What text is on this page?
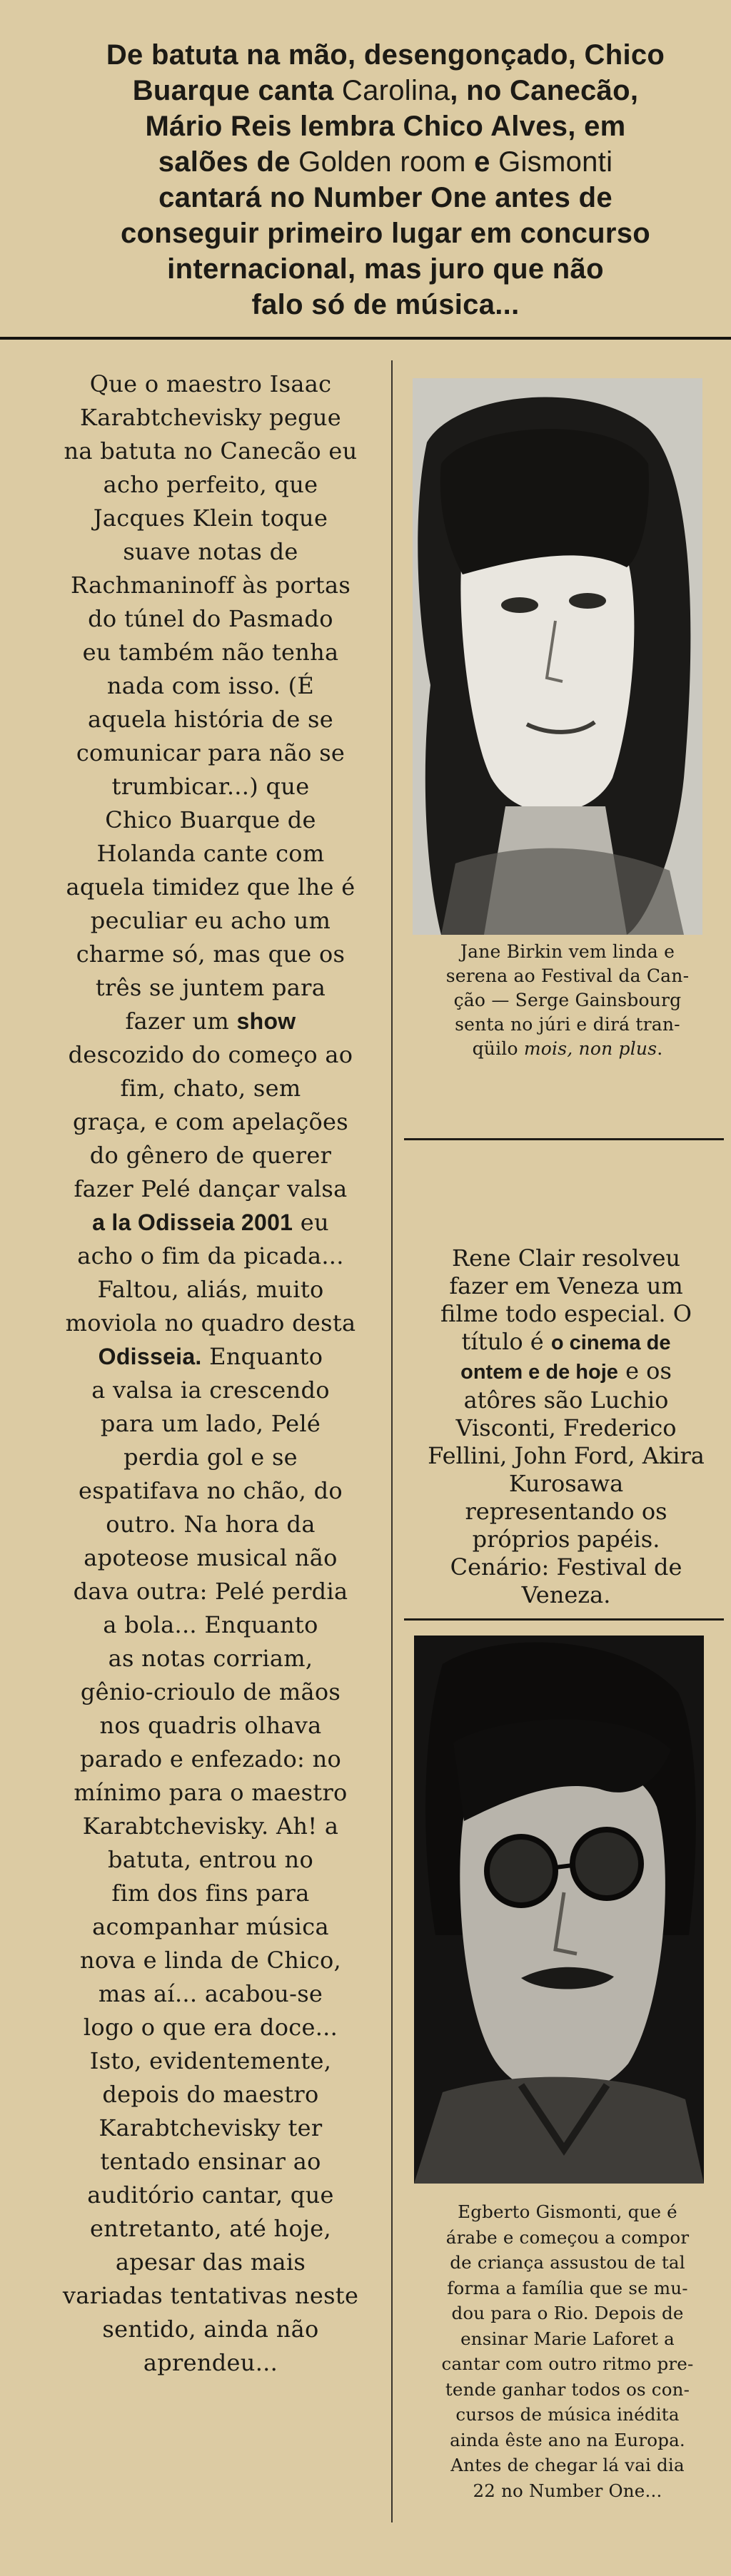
De batuta na mão, desengonçado, Chico

Buarque canta Carolina, no Canecão,

Mário Reis lembra Chico Alves, em

salões de Golden room e Gismonti

cantará no Number One antes de

conseguir primeiro lugar em concurso

internacional, mas juro que não

falo só de música...

Que o maestro Isaac

Karabtchevisky pegue

na batuta no Canecão eu

acho perfeito, que

Jacques Klein toque

suave notas de

Rachmaninoff às portas

do túnel do Pasmado

eu também não tenha

nada com isso. (É

aquela história de se

comunicar para não se

trumbicar...) que

Chico Buarque de

Holanda cante com

aquela timidez que lhe é

peculiar eu acho um

charme só, mas que os

três se juntem para

fazer um show

descozido do começo ao

fim, chato, sem

graça, e com apelações

do gênero de querer

fazer Pelé dançar valsa

a la Odisseia 2001 eu

acho o fim da picada...

Faltou, aliás, muito

moviola no quadro desta

Odisseia. Enquanto

a valsa ia crescendo

para um lado, Pelé

perdia gol e se

espatifava no chão, do

outro. Na hora da

apoteose musical não

dava outra: Pelé perdia

a bola... Enquanto

as notas corriam,

gênio-crioulo de mãos

nos quadris olhava

parado e enfezado: no

mínimo para o maestro

Karabtchevisky. Ah! a

batuta, entrou no

fim dos fins para

acompanhar música

nova e linda de Chico,

mas aí... acabou-se

logo o que era doce...

Isto, evidentemente,

depois do maestro

Karabtchevisky ter

tentado ensinar ao

auditório cantar, que

entretanto, até hoje,

apesar das mais

variadas tentativas neste

sentido, ainda não

aprendeu...

Jane Birkin vem linda e

serena ao Festival da Can-

ção — Serge Gainsbourg

senta no júri e dirá tran-

qüilo mois, non plus.

Rene Clair resolveu

fazer em Veneza um

filme todo especial. O

título é o cinema de

ontem e de hoje e os

atôres são Luchio

Visconti, Frederico

Fellini, John Ford, Akira

Kurosawa

representando os

próprios papéis.

Cenário: Festival de

Veneza.

Egberto Gismonti, que é

árabe e começou a compor

de criança assustou de tal

forma a família que se mu-

dou para o Rio. Depois de

ensinar Marie Laforet a

cantar com outro ritmo pre-

tende ganhar todos os con-

cursos de música inédita

ainda êste ano na Europa.

Antes de chegar lá vai dia

22 no Number One...
